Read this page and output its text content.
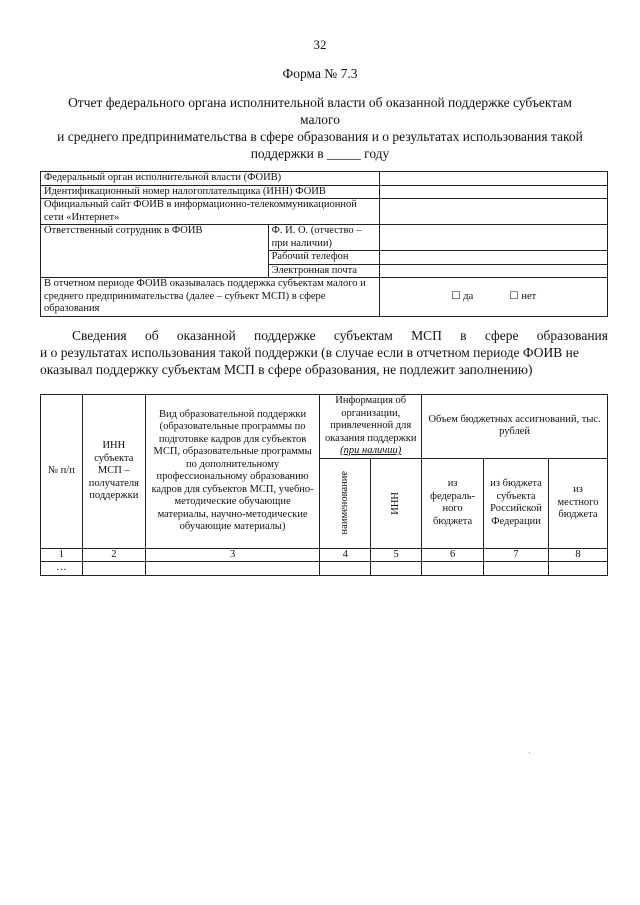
32
Форма № 7.3
Отчет федерального органа исполнительной власти об оказанной поддержке субъектам малого
и среднего предпринимательства в сфере образования и о результатах использования такой
поддержки в _____ году
Федеральный орган исполнительной власти (ФОИВ)		
Идентификационный номер налогоплательщика (ИНН) ФОИВ		
Официальный сайт ФОИВ в информационно-телекоммуникационной сети «Интернет»		
Ответственный сотрудник в ФОИВ	Ф. И. О. (отчество – при наличии)	
	Рабочий телефон	
	Электронная почта	
В отчетном периоде ФОИВ оказывалась поддержка субъектам малого и среднего предпринимательства (далее – субъект МСП) в сфере образования		☐ да ☐ нет
Сведения об оказанной поддержке субъектам МСП в сфере образования
и о результатах использования такой поддержки (в случае если в отчетном периоде ФОИВ не оказывал поддержку субъектам МСП в сфере образования, не подлежит заполнению)
№ п/п	ИНН субъекта МСП – получателя поддержки	Вид образовательной поддержки (образовательные программы по подготовке кадров для субъектов МСП, образовательные программы по дополнительному профессиональному образованию кадров для субъектов МСП, учебно-методические обучающие материалы, научно-методические обучающие материалы)	Информация об организации, привлеченной для оказания поддержки (при наличии)		Объем бюджетных ассигнований, тыс. рублей		

			наименование	ИНН	из федераль-ного бюджета	из бюджета субъекта Российской Федерации	из местного бюджета
1	2	3	4	5	6	7	8
…							
·
